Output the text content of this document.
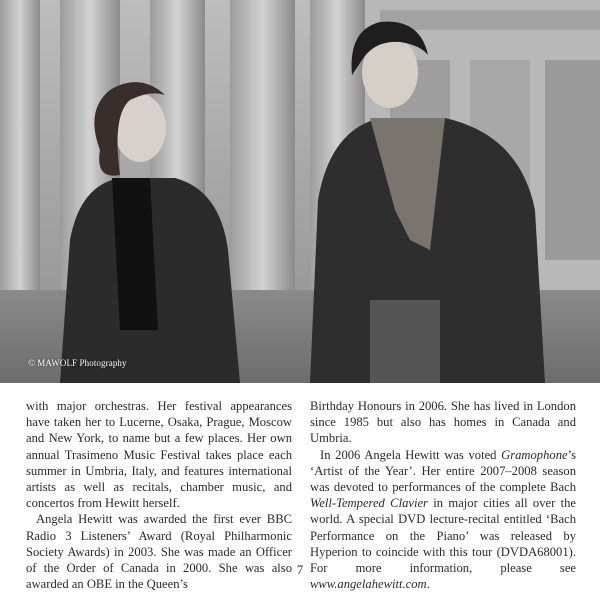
© MAWOLF Photography

with major orchestras. Her festival appearances have taken her to Lucerne, Osaka, Prague, Moscow and New York, to name but a few places. Her own annual Trasimeno Music Festival takes place each summer in Umbria, Italy, and features international artists as well as recitals, chamber music, and concertos from Hewitt herself.

Angela Hewitt was awarded the first ever BBC Radio 3 Listeners’ Award (Royal Philharmonic Society Awards) in 2003. She was made an Officer of the Order of Canada in 2000. She was also awarded an OBE in the Queen’s

Birthday Honours in 2006. She has lived in London since 1985 but also has homes in Canada and Umbria.

In 2006 Angela Hewitt was voted Gramophone’s ‘Artist of the Year’. Her entire 2007–2008 season was devoted to performances of the complete Bach Well-Tempered Clavier in major cities all over the world. A special DVD lecture-recital entitled ‘Bach Performance on the Piano’ was released by Hyperion to coincide with this tour (DVDA68001). For more information, please see www.angelahewitt.com.

7
